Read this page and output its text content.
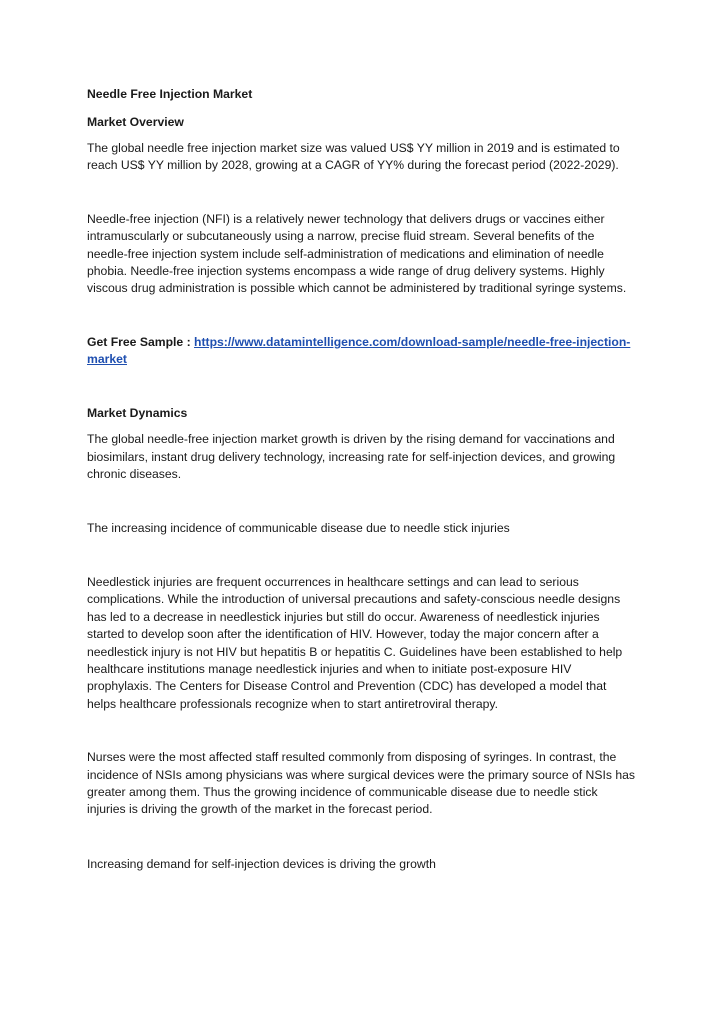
Needle Free Injection Market

Market Overview

The global needle free injection market size was valued US$ YY million in 2019 and is estimated to reach US$ YY million by 2028, growing at a CAGR of YY% during the forecast period (2022-2029).

Needle-free injection (NFI) is a relatively newer technology that delivers drugs or vaccines either intramuscularly or subcutaneously using a narrow, precise fluid stream. Several benefits of the needle-free injection system include self-administration of medications and elimination of needle phobia. Needle-free injection systems encompass a wide range of drug delivery systems. Highly viscous drug administration is possible which cannot be administered by traditional syringe systems.

Get Free Sample : https://www.datamintelligence.com/download-sample/needle-free-injection-market

Market Dynamics

The global needle-free injection market growth is driven by the rising demand for vaccinations and biosimilars, instant drug delivery technology, increasing rate for self-injection devices, and growing chronic diseases.

The increasing incidence of communicable disease due to needle stick injuries

Needlestick injuries are frequent occurrences in healthcare settings and can lead to serious complications. While the introduction of universal precautions and safety-conscious needle designs has led to a decrease in needlestick injuries but still do occur. Awareness of needlestick injuries started to develop soon after the identification of HIV. However, today the major concern after a needlestick injury is not HIV but hepatitis B or hepatitis C. Guidelines have been established to help healthcare institutions manage needlestick injuries and when to initiate post-exposure HIV prophylaxis. The Centers for Disease Control and Prevention (CDC) has developed a model that helps healthcare professionals recognize when to start antiretroviral therapy.

Nurses were the most affected staff resulted commonly from disposing of syringes. In contrast, the incidence of NSIs among physicians was where surgical devices were the primary source of NSIs has greater among them. Thus the growing incidence of communicable disease due to needle stick injuries is driving the growth of the market in the forecast period.

Increasing demand for self-injection devices is driving the growth
